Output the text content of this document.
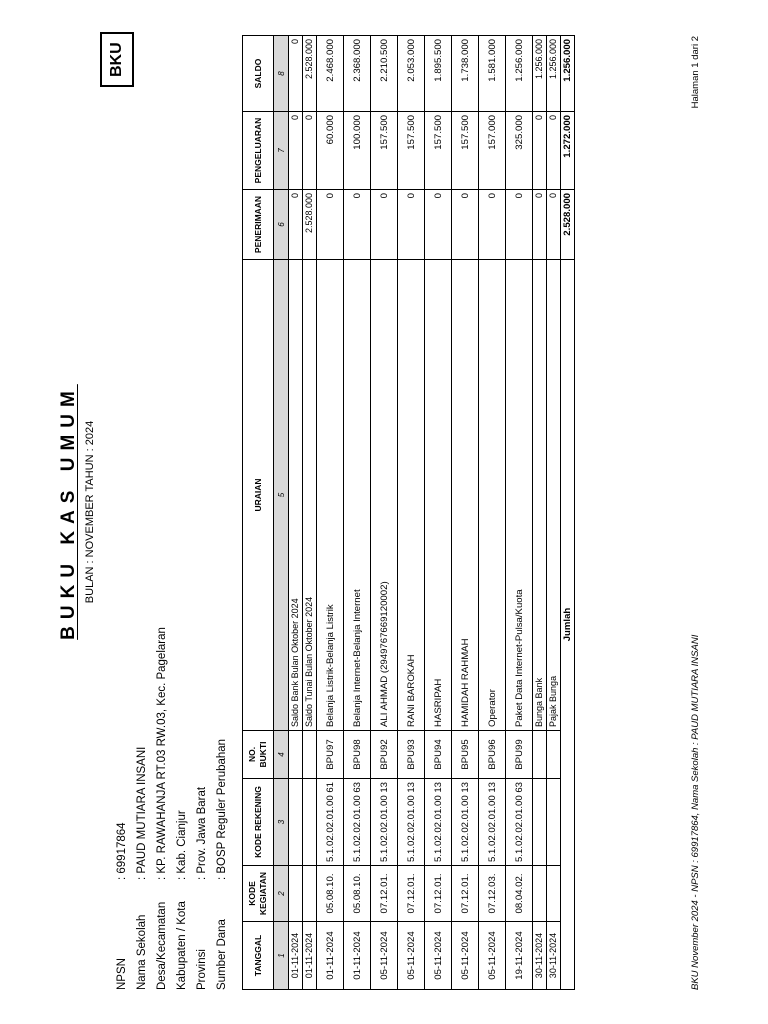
BKU
BUKU KAS UMUM BULAN : NOVEMBER TAHUN : 2024
NPSN	: 69917864
Nama Sekolah	: PAUD MUTIARA INSANI
Desa/Kecamatan	: KP. RAWAHANJA RT.03 RW.03, Kec. Pagelaran
Kabupaten / Kota	: Kab. Cianjur
Provinsi	: Prov. Jawa Barat
Sumber Dana	: BOSP Reguler Perubahan
TANGGAL	KODE KEGIATAN	KODE REKENING	NO. BUKTI	URAIAN	PENERIMAAN	PENGELUARAN	SALDO
1	2	3	4	5	6	7	8
01-11-2024				Saldo Bank Bulan Oktober 2024	0	0	0
01-11-2024				Saldo Tunai Bulan Oktober 2024	2.528.000	0	2.528.000
01-11-2024	05.08.10.	5.1.02.02.01.00 61	BPU97	Belanja Listrik-Belanja Listrik	0	60.000	2.468.000
01-11-2024	05.08.10.	5.1.02.02.01.00 63	BPU98	Belanja Internet-Belanja Internet	0	100.000	2.368.000
05-11-2024	07.12.01.	5.1.02.02.01.00 13	BPU92	ALI AHMAD (2949767669120002)	0	157.500	2.210.500
05-11-2024	07.12.01.	5.1.02.02.01.00 13	BPU93	RANI BAROKAH	0	157.500	2.053.000
05-11-2024	07.12.01.	5.1.02.02.01.00 13	BPU94	HASRIPAH	0	157.500	1.895.500
05-11-2024	07.12.01.	5.1.02.02.01.00 13	BPU95	HAMIDAH RAHMAH	0	157.500	1.738.000
05-11-2024	07.12.03.	5.1.02.02.01.00 13	BPU96	Operator	0	157.000	1.581.000
19-11-2024	08.04.02.	5.1.02.02.01.00 63	BPU99	Paket Data Internet-Pulsa/Kuota	0	325.000	1.256.000
30-11-2024				Bunga Bank	0	0	1.256.000
30-11-2024				Pajak Bunga	0	0	1.256.000
Jumlah					2.528.000	1.272.000	1.256.000
BKU November 2024 - NPSN : 69917864, Nama Sekolah : PAUD MUTIARA INSANI
Halaman 1 dari 2
